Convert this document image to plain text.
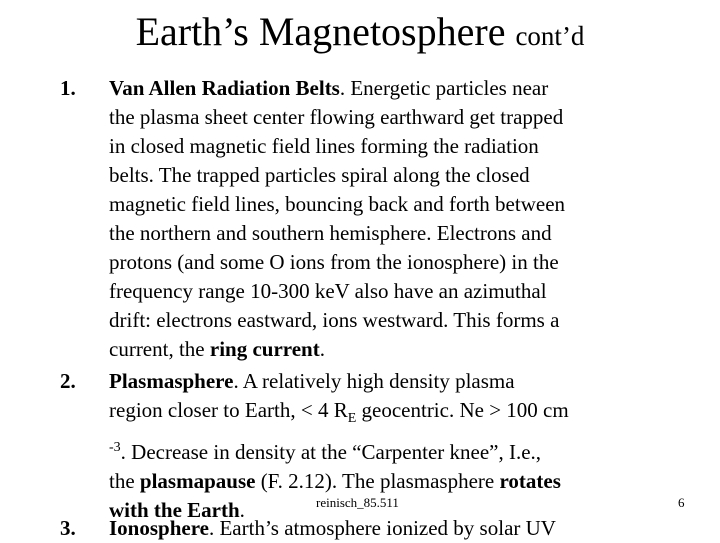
Earth’s Magnetosphere cont’d
1.	Van Allen Radiation Belts. Energetic particles near
the plasma sheet center flowing earthward get trapped
in closed magnetic field lines forming the radiation
belts. The trapped particles spiral along the closed
magnetic field lines, bouncing back and forth between
the northern and southern hemisphere. Electrons and
protons (and some O ions from the ionosphere) in the
frequency range 10-300 keV also have an azimuthal
drift: electrons eastward, ions westward. This forms a
current, the ring current.
2.	Plasmasphere. A relatively high density plasma
region closer to Earth, < 4 $R_E$ geocentric. Ne > 100 cm
$^{-3}$. Decrease in density at the “Carpenter knee”, I.e.,
the plasmapause (F. 2.12). The plasmasphere rotates
with the Earth.
3.	Ionosphere. Earth’s atmosphere ionized by solar UV
reinisch_85.511	6
